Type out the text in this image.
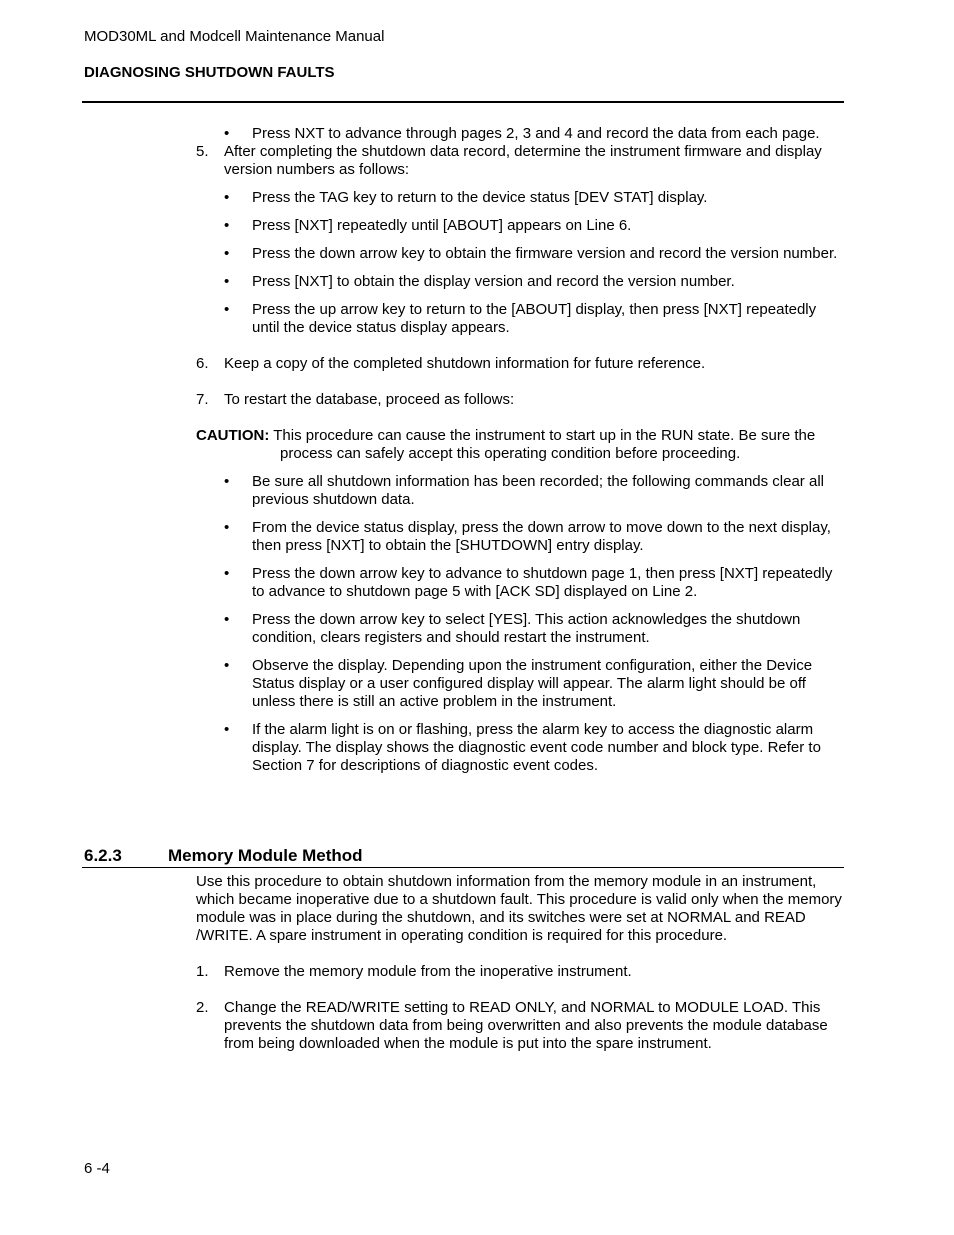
MOD30ML and Modcell Maintenance Manual
DIAGNOSING SHUTDOWN FAULTS
• Press NXT to advance through pages 2, 3 and 4 and record the data from each page.
5. After completing the shutdown data record, determine the instrument firmware and display version numbers as follows:
• Press the TAG key to return to the device status [DEV STAT] display.
• Press [NXT] repeatedly until [ABOUT] appears on Line 6.
• Press the down arrow key to obtain the firmware version and record the version number.
• Press [NXT] to obtain the display version and record the version number.
• Press the up arrow key to return to the [ABOUT] display, then press [NXT] repeatedly until the device status display appears.
6. Keep a copy of the completed shutdown information for future reference.
7. To restart the database, proceed as follows:
CAUTION: This procedure can cause the instrument to start up in the RUN state. Be sure the process can safely accept this operating condition before proceeding.
• Be sure all shutdown information has been recorded; the following commands clear all previous shutdown data.
• From the device status display, press the down arrow to move down to the next display, then press [NXT] to obtain the [SHUTDOWN] entry display.
• Press the down arrow key to advance to shutdown page 1, then press [NXT] repeatedly to advance to shutdown page 5 with [ACK SD] displayed on Line 2.
• Press the down arrow key to select [YES]. This action acknowledges the shutdown condition, clears registers and should restart the instrument.
• Observe the display. Depending upon the instrument configuration, either the Device Status display or a user configured display will appear. The alarm light should be off unless there is still an active problem in the instrument.
• If the alarm light is on or flashing, press the alarm key to access the diagnostic alarm display. The display shows the diagnostic event code number and block type. Refer to Section 7 for descriptions of diagnostic event codes.
6.2.3	Memory Module Method
Use this procedure to obtain shutdown information from the memory module in an instrument, which became inoperative due to a shutdown fault. This procedure is valid only when the memory module was in place during the shutdown, and its switches were set at NORMAL and READ /WRITE. A spare instrument in operating condition is required for this procedure.
1. Remove the memory module from the inoperative instrument.
2. Change the READ/WRITE setting to READ ONLY, and NORMAL to MODULE LOAD. This prevents the shutdown data from being overwritten and also prevents the module database from being downloaded when the module is put into the spare instrument.
6 -4
